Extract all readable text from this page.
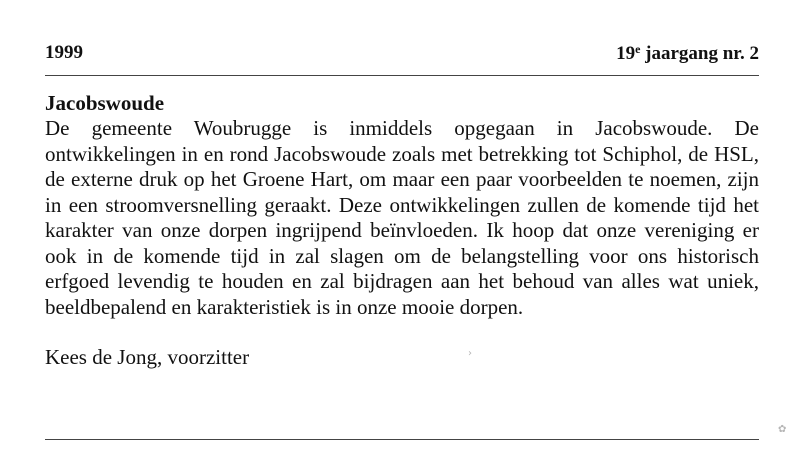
1999	19e jaargang nr. 2
Jacobswoude

De gemeente Woubrugge is inmiddels opgegaan in Jacobswoude. De ontwikkelingen in en rond Jacobswoude zoals met betrekking tot Schiphol, de HSL, de externe druk op het Groene Hart, om maar een paar voorbeelden te noemen, zijn in een stroomversnelling geraakt. Deze ontwikkelingen zullen de komende tijd het karakter van onze dorpen ingrijpend beïnvloeden. Ik hoop dat onze vereniging er ook in de komende tijd in zal slagen om de belangstelling voor ons historisch erfgoed levendig te houden en zal bijdragen aan het behoud van alles wat uniek, beeldbepalend en karakteristiek is in onze mooie dorpen.

Kees de Jong, voorzitter	›
✿
